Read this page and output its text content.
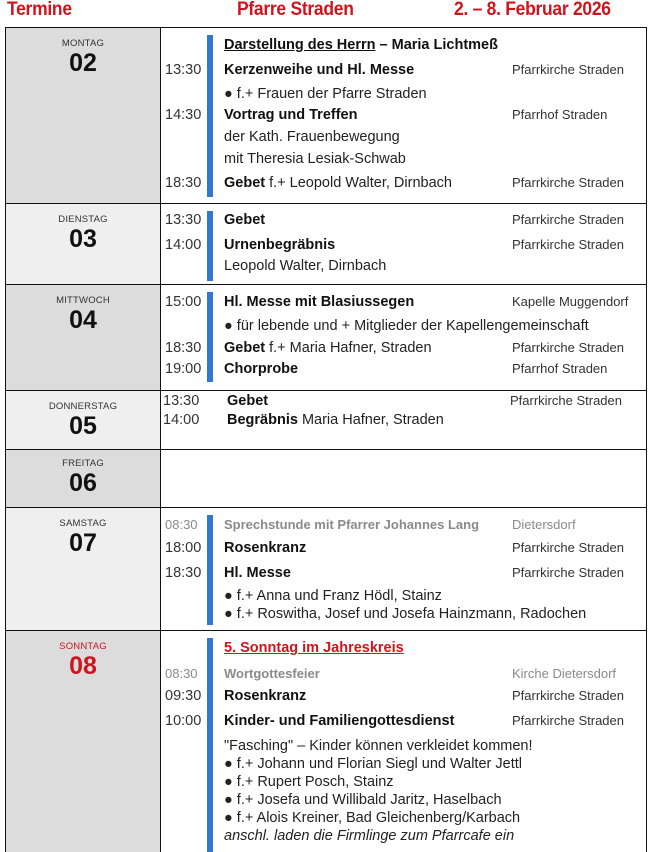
Termine	Pfarre Straden	2. – 8. Februar 2026
MONTAG
02
Darstellung des Herrn – Maria Lichtmeß
13:30 Kerzenweihe und Hl. Messe	Pfarrkirche Straden
● f.+ Frauen der Pfarre Straden
14:30 Vortrag und Treffen	Pfarrhof Straden
der Kath. Frauenbewegung
mit Theresia Lesiak-Schwab
18:30 Gebet f.+ Leopold Walter, Dirnbach	Pfarrkirche Straden
DIENSTAG
03
13:30 Gebet	Pfarrkirche Straden
14:00 Urnenbegräbnis	Pfarrkirche Straden
Leopold Walter, Dirnbach
MITTWOCH
04
15:00 Hl. Messe mit Blasiussegen	Kapelle Muggendorf
● für lebende und + Mitglieder der Kapellengemeinschaft
18:30 Gebet f.+ Maria Hafner, Straden	Pfarrkirche Straden
19:00 Chorprobe	Pfarrhof Straden
DONNERSTAG
05
13:30 Gebet	Pfarrkirche Straden
14:00 Begräbnis Maria Hafner, Straden
FREITAG
06
SAMSTAG
07
08:30 Sprechstunde mit Pfarrer Johannes Lang	Dietersdorf
18:00 Rosenkranz	Pfarrkirche Straden
18:30 Hl. Messe	Pfarrkirche Straden
● f.+ Anna und Franz Hödl, Stainz
● f.+ Roswitha, Josef und Josefa Hainzmann, Radochen
SONNTAG
08
5. Sonntag im Jahreskreis
08:30 Wortgottesfeier	Kirche Dietersdorf
09:30 Rosenkranz	Pfarrkirche Straden
10:00 Kinder- und Familiengottesdienst	Pfarrkirche Straden
"Fasching" – Kinder können verkleidet kommen!
● f.+ Johann und Florian Siegl und Walter Jettl
● f.+ Rupert Posch, Stainz
● f.+ Josefa und Willibald Jaritz, Haselbach
● f.+ Alois Kreiner, Bad Gleichenberg/Karbach
anschl. laden die Firmlinge zum Pfarrcafe ein
